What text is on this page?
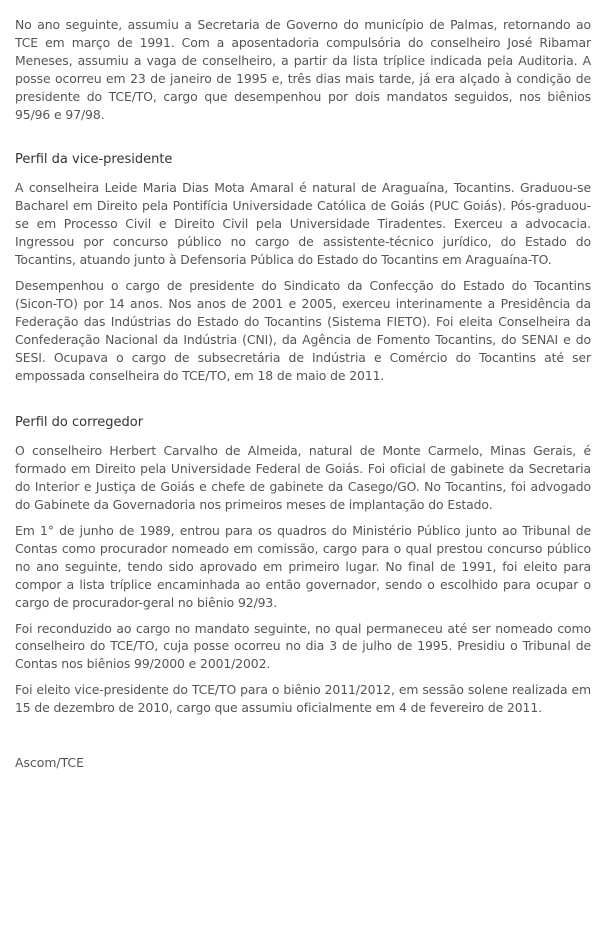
No ano seguinte, assumiu a Secretaria de Governo do município de Palmas, retornando ao TCE em março de 1991. Com a aposentadoria compulsória do conselheiro José Ribamar Meneses, assumiu a vaga de conselheiro, a partir da lista tríplice indicada pela Auditoria. A posse ocorreu em 23 de janeiro de 1995 e, três dias mais tarde, já era alçado à condição de presidente do TCE/TO, cargo que desempenhou por dois mandatos seguidos, nos biênios 95/96 e 97/98.

Perfil da vice-presidente

A conselheira Leide Maria Dias Mota Amaral é natural de Araguaína, Tocantins. Graduou-se Bacharel em Direito pela Pontifícia Universidade Católica de Goiás (PUC Goiás). Pós-graduou-se em Processo Civil e Direito Civil pela Universidade Tiradentes. Exerceu a advocacia. Ingressou por concurso público no cargo de assistente-técnico jurídico, do Estado do Tocantins, atuando junto à Defensoria Pública do Estado do Tocantins em Araguaína-TO.

Desempenhou o cargo de presidente do Sindicato da Confecção do Estado do Tocantins (Sicon-TO) por 14 anos. Nos anos de 2001 e 2005, exerceu interinamente a Presidência da Federação das Indústrias do Estado do Tocantins (Sistema FIETO). Foi eleita Conselheira da Confederação Nacional da Indústria (CNI), da Agência de Fomento Tocantins, do SENAI e do SESI. Ocupava o cargo de subsecretária de Indústria e Comércio do Tocantins até ser empossada conselheira do TCE/TO, em 18 de maio de 2011.

Perfil do corregedor

O conselheiro Herbert Carvalho de Almeida, natural de Monte Carmelo, Minas Gerais, é formado em Direito pela Universidade Federal de Goiás. Foi oficial de gabinete da Secretaria do Interior e Justiça de Goiás e chefe de gabinete da Casego/GO. No Tocantins, foi advogado do Gabinete da Governadoria nos primeiros meses de implantação do Estado.

Em 1° de junho de 1989, entrou para os quadros do Ministério Público junto ao Tribunal de Contas como procurador nomeado em comissão, cargo para o qual prestou concurso público no ano seguinte, tendo sido aprovado em primeiro lugar. No final de 1991, foi eleito para compor a lista tríplice encaminhada ao então governador, sendo o escolhido para ocupar o cargo de procurador-geral no biênio 92/93.

Foi reconduzido ao cargo no mandato seguinte, no qual permaneceu até ser nomeado como conselheiro do TCE/TO, cuja posse ocorreu no dia 3 de julho de 1995. Presidiu o Tribunal de Contas nos biênios 99/2000 e 2001/2002.

Foi eleito vice-presidente do TCE/TO para o biênio 2011/2012, em sessão solene realizada em 15 de dezembro de 2010, cargo que assumiu oficialmente em 4 de fevereiro de 2011.

Ascom/TCE
